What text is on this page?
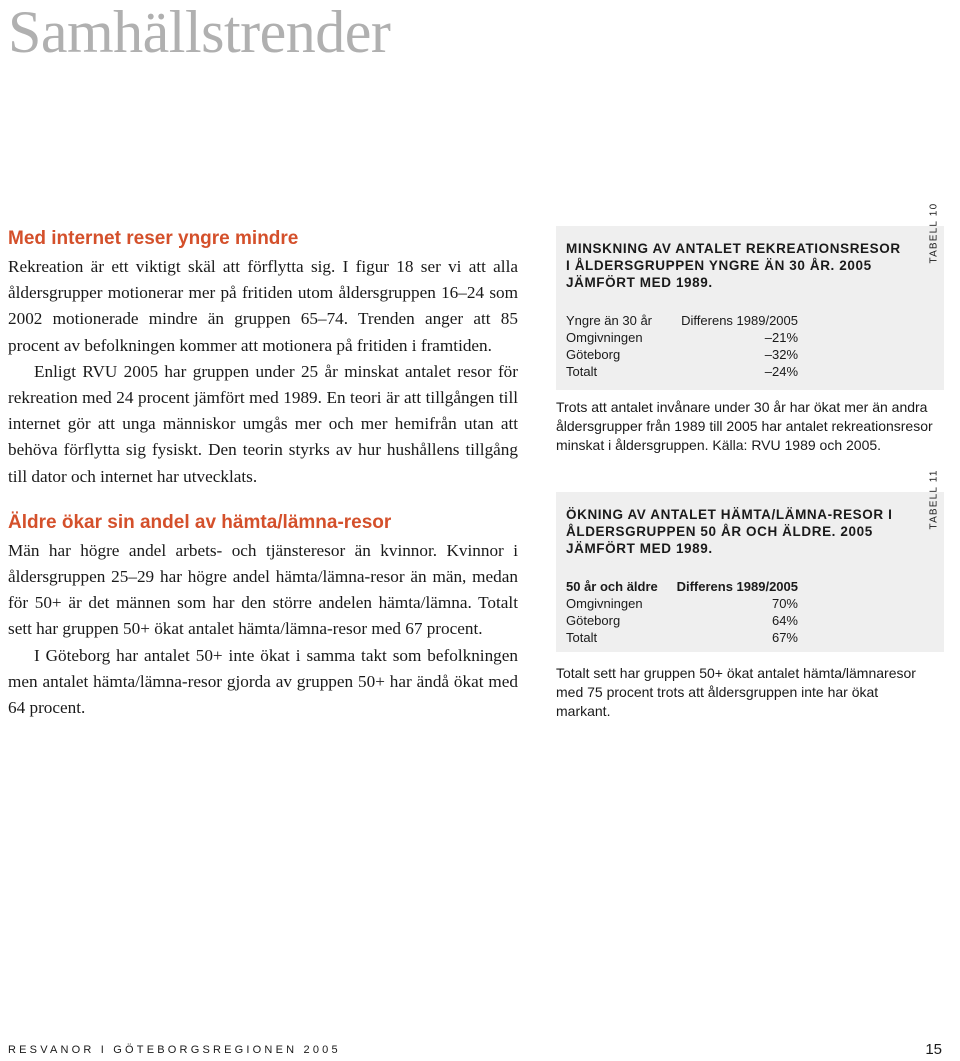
Samhällstrender
Med internet reser yngre mindre

Rekreation är ett viktigt skäl att förflytta sig. I figur 18 ser vi att alla åldersgrupper motionerar mer på fritiden utom åldersgruppen 16–24 som 2002 motionerade mindre än gruppen 65–74. Trenden anger att 85 procent av befolkningen kommer att motionera på fritiden i framtiden.

Enligt RVU 2005 har gruppen under 25 år minskat antalet resor för rekreation med 24 procent jämfört med 1989. En teori är att tillgången till internet gör att unga människor umgås mer och mer hemifrån utan att behöva förflytta sig fysiskt. Den teorin styrks av hur hushållens tillgång till dator och internet har utvecklats.

Äldre ökar sin andel av hämta/lämna-resor

Män har högre andel arbets- och tjänsteresor än kvinnor. Kvinnor i åldersgruppen 25–29 har högre andel hämta/lämna-resor än män, medan för 50+ är det männen som har den större andelen hämta/lämna. Totalt sett har gruppen 50+ ökat antalet hämta/lämna-resor med 67 procent.

I Göteborg har antalet 50+ inte ökat i samma takt som befolkningen men antalet hämta/lämna-resor gjorda av gruppen 50+ har ändå ökat med 64 procent.

MINSKNING AV ANTALET REKREATIONSRESOR I ÅLDERSGRUPPEN YNGRE ÄN 30 ÅR. 2005 JÄMFÖRT MED 1989.
TABELL 10
Yngre än 30 år	Differens 1989/2005
Omgivningen	–21%
Göteborg	–32%
Totalt	–24%
Trots att antalet invånare under 30 år har ökat mer än andra åldersgrupper från 1989 till 2005 har antalet rekreationsresor minskat i åldersgruppen. Källa: RVU 1989 och 2005.
ÖKNING AV ANTALET HÄMTA/LÄMNA-RESOR I ÅLDERSGRUPPEN 50 ÅR OCH ÄLDRE. 2005 JÄMFÖRT MED 1989.
TABELL 11
50 år och äldre	Differens 1989/2005
Omgivningen	70%
Göteborg	64%
Totalt	67%
Totalt sett har gruppen 50+ ökat antalet hämta/lämnaresor med 75 procent trots att åldersgruppen inte har ökat markant.
RESVANOR I GÖTEBORGSREGIONEN 2005	15
